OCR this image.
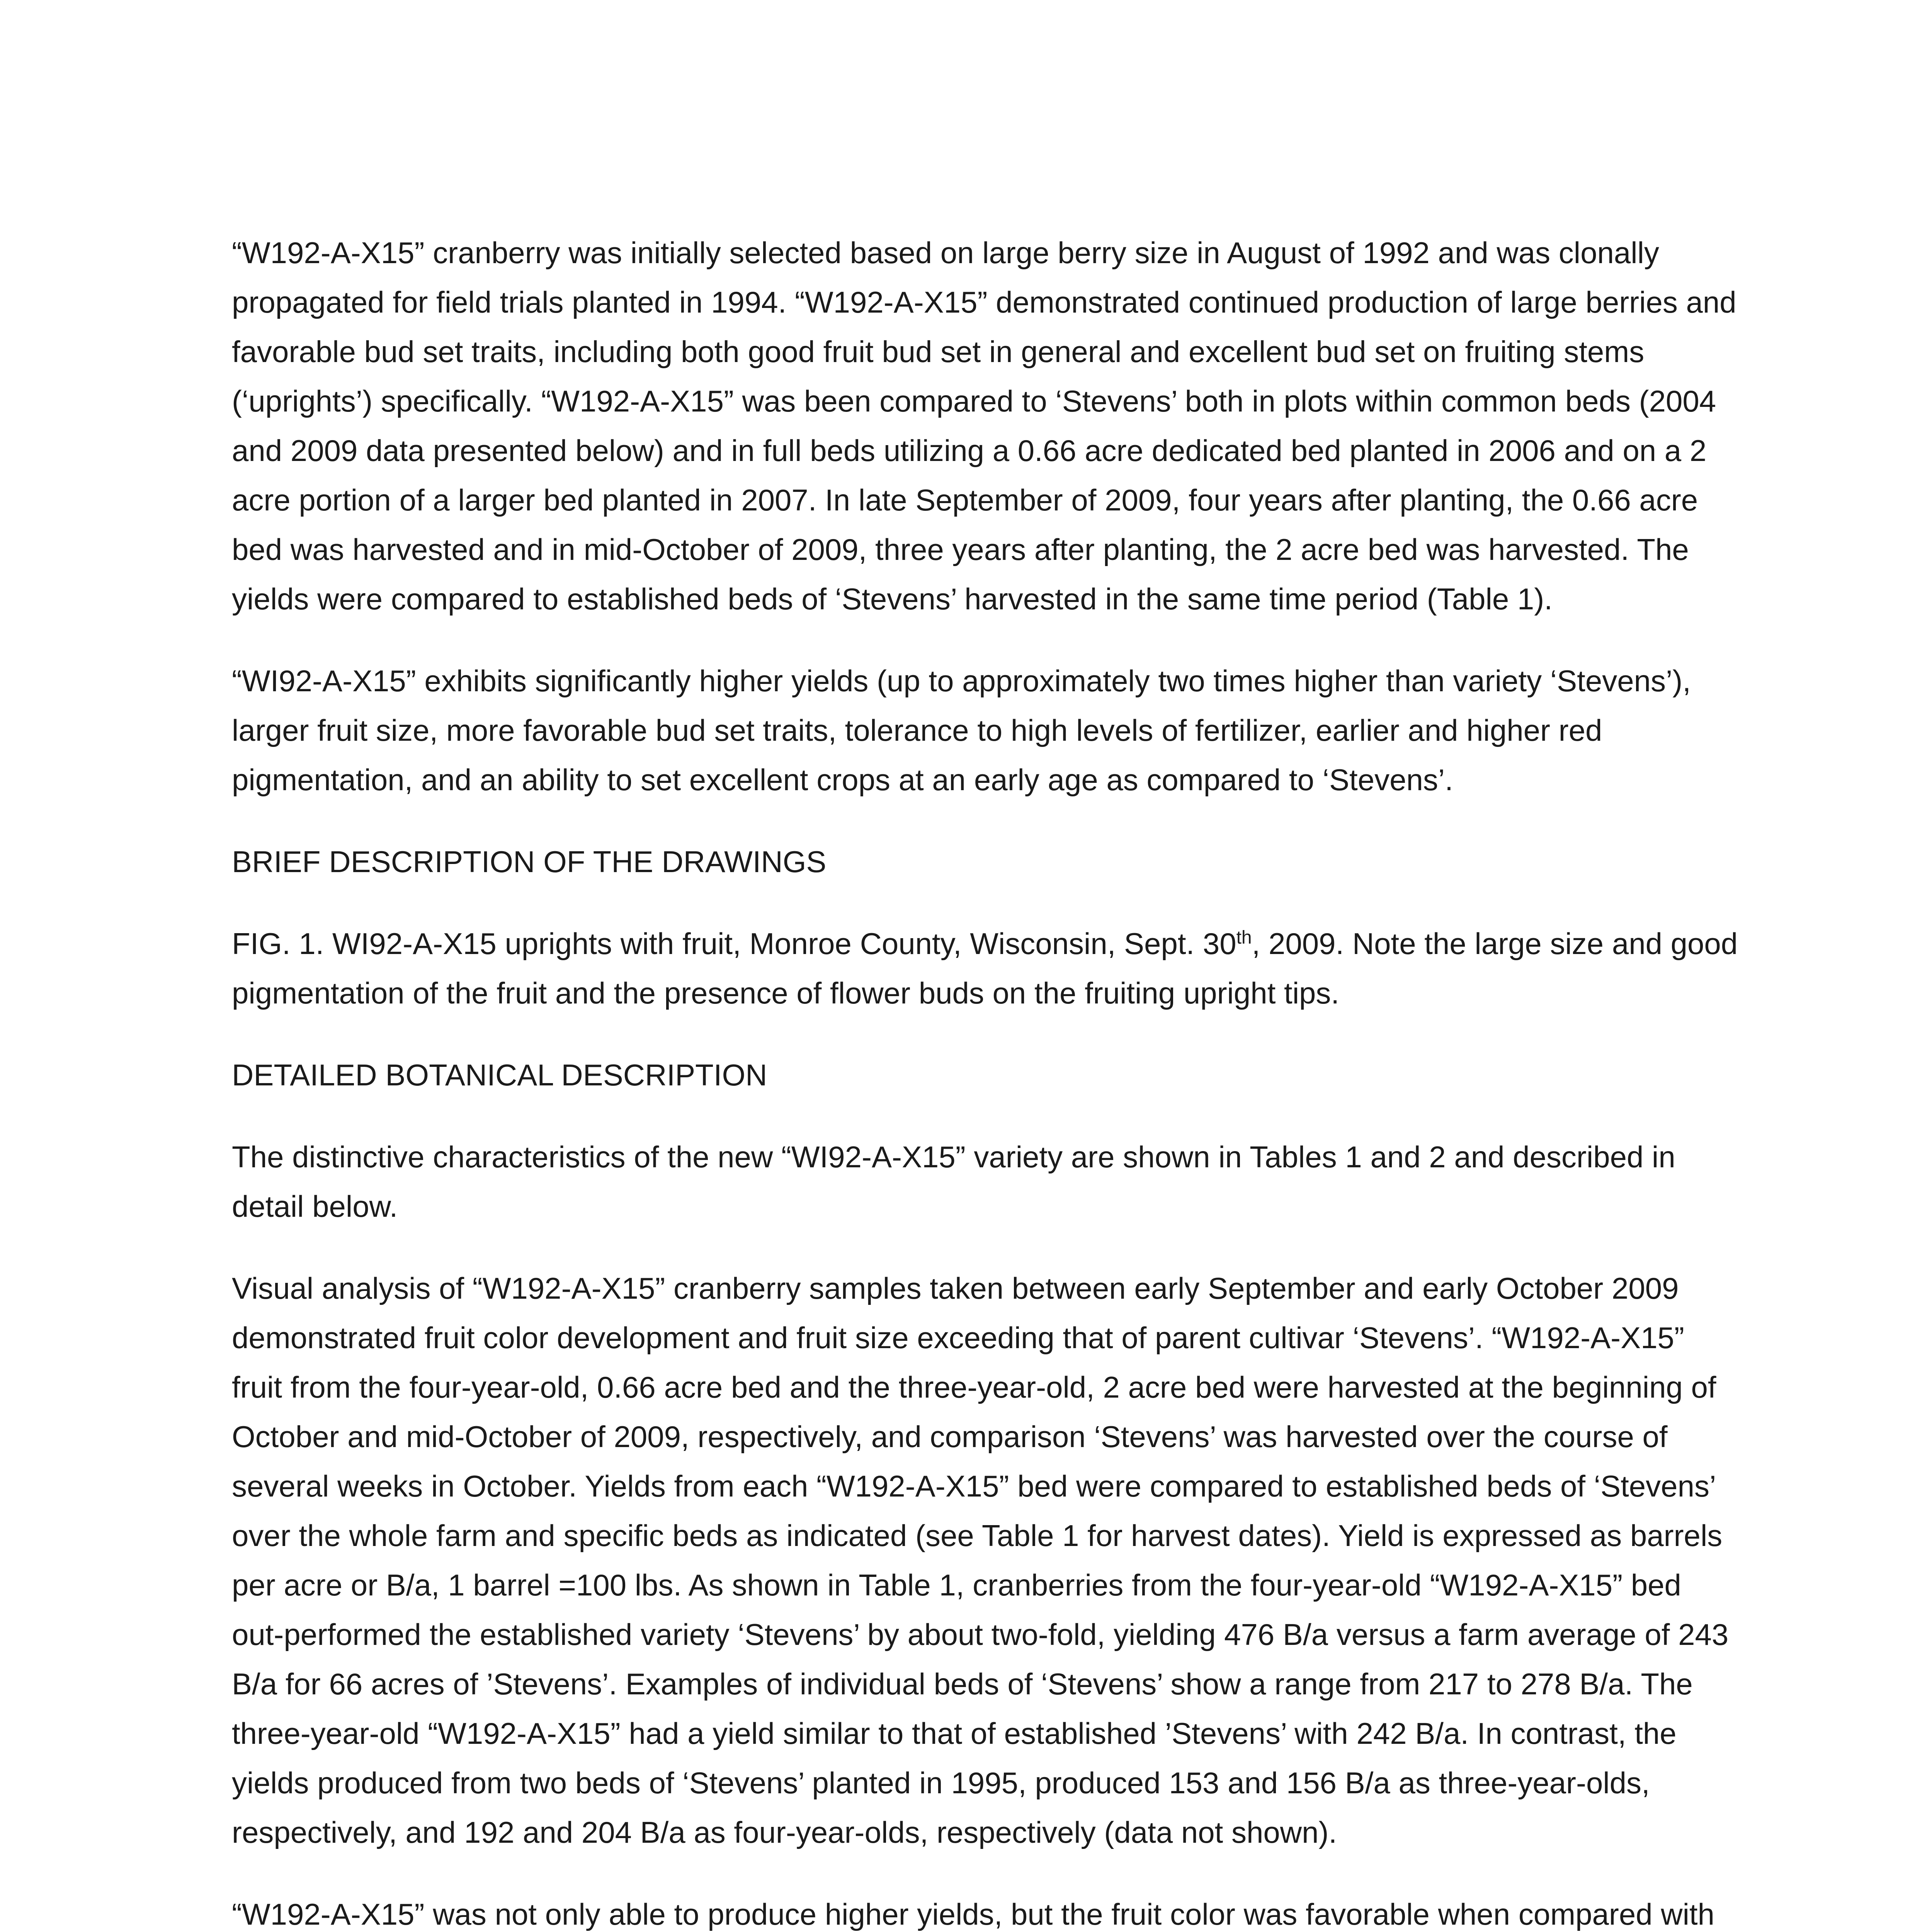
“W192-A-X15” cranberry was initially selected based on large berry size in August of 1992 and was clonally propagated for field trials planted in 1994. “W192-A-X15” demonstrated continued production of large berries and favorable bud set traits, including both good fruit bud set in general and excellent bud set on fruiting stems (‘uprights’) specifically. “W192-A-X15” was been compared to ‘Stevens’ both in plots within common beds (2004 and 2009 data presented below) and in full beds utilizing a 0.66 acre dedicated bed planted in 2006 and on a 2 acre portion of a larger bed planted in 2007. In late September of 2009, four years after planting, the 0.66 acre bed was harvested and in mid-October of 2009, three years after planting, the 2 acre bed was harvested. The yields were compared to established beds of ‘Stevens’ harvested in the same time period (Table 1).

“WI92-A-X15” exhibits significantly higher yields (up to approximately two times higher than variety ‘Stevens’), larger fruit size, more favorable bud set traits, tolerance to high levels of fertilizer, earlier and higher red pigmentation, and an ability to set excellent crops at an early age as compared to ‘Stevens’.

BRIEF DESCRIPTION OF THE DRAWINGS

FIG. 1. WI92-A-X15 uprights with fruit, Monroe County, Wisconsin, Sept. 30th, 2009. Note the large size and good pigmentation of the fruit and the presence of flower buds on the fruiting upright tips.

DETAILED BOTANICAL DESCRIPTION

The distinctive characteristics of the new “WI92-A-X15” variety are shown in Tables 1 and 2 and described in detail below.

Visual analysis of “W192-A-X15” cranberry samples taken between early September and early October 2009 demonstrated fruit color development and fruit size exceeding that of parent cultivar ‘Stevens’. “W192-A-X15” fruit from the four-year-old, 0.66 acre bed and the three-year-old, 2 acre bed were harvested at the beginning of October and mid-October of 2009, respectively, and comparison ‘Stevens’ was harvested over the course of several weeks in October. Yields from each “W192-A-X15” bed were compared to established beds of ‘Stevens’ over the whole farm and specific beds as indicated (see Table 1 for harvest dates). Yield is expressed as barrels per acre or B/a, 1 barrel =100 lbs. As shown in Table 1, cranberries from the four-year-old “W192-A-X15” bed out-performed the established variety ‘Stevens’ by about two-fold, yielding 476 B/a versus a farm average of 243 B/a for 66 acres of ’Stevens’. Examples of individual beds of ‘Stevens’ show a range from 217 to 278 B/a. The three-year-old “W192-A-X15” had a yield similar to that of established ’Stevens’ with 242 B/a. In contrast, the yields produced from two beds of ‘Stevens’ planted in 1995, produced 153 and 156 B/a as three-year-olds, respectively, and 192 and 204 B/a as four-year-olds, respectively (data not shown).

“W192-A-X15” was not only able to produce higher yields, but the fruit color was favorable when compared with
